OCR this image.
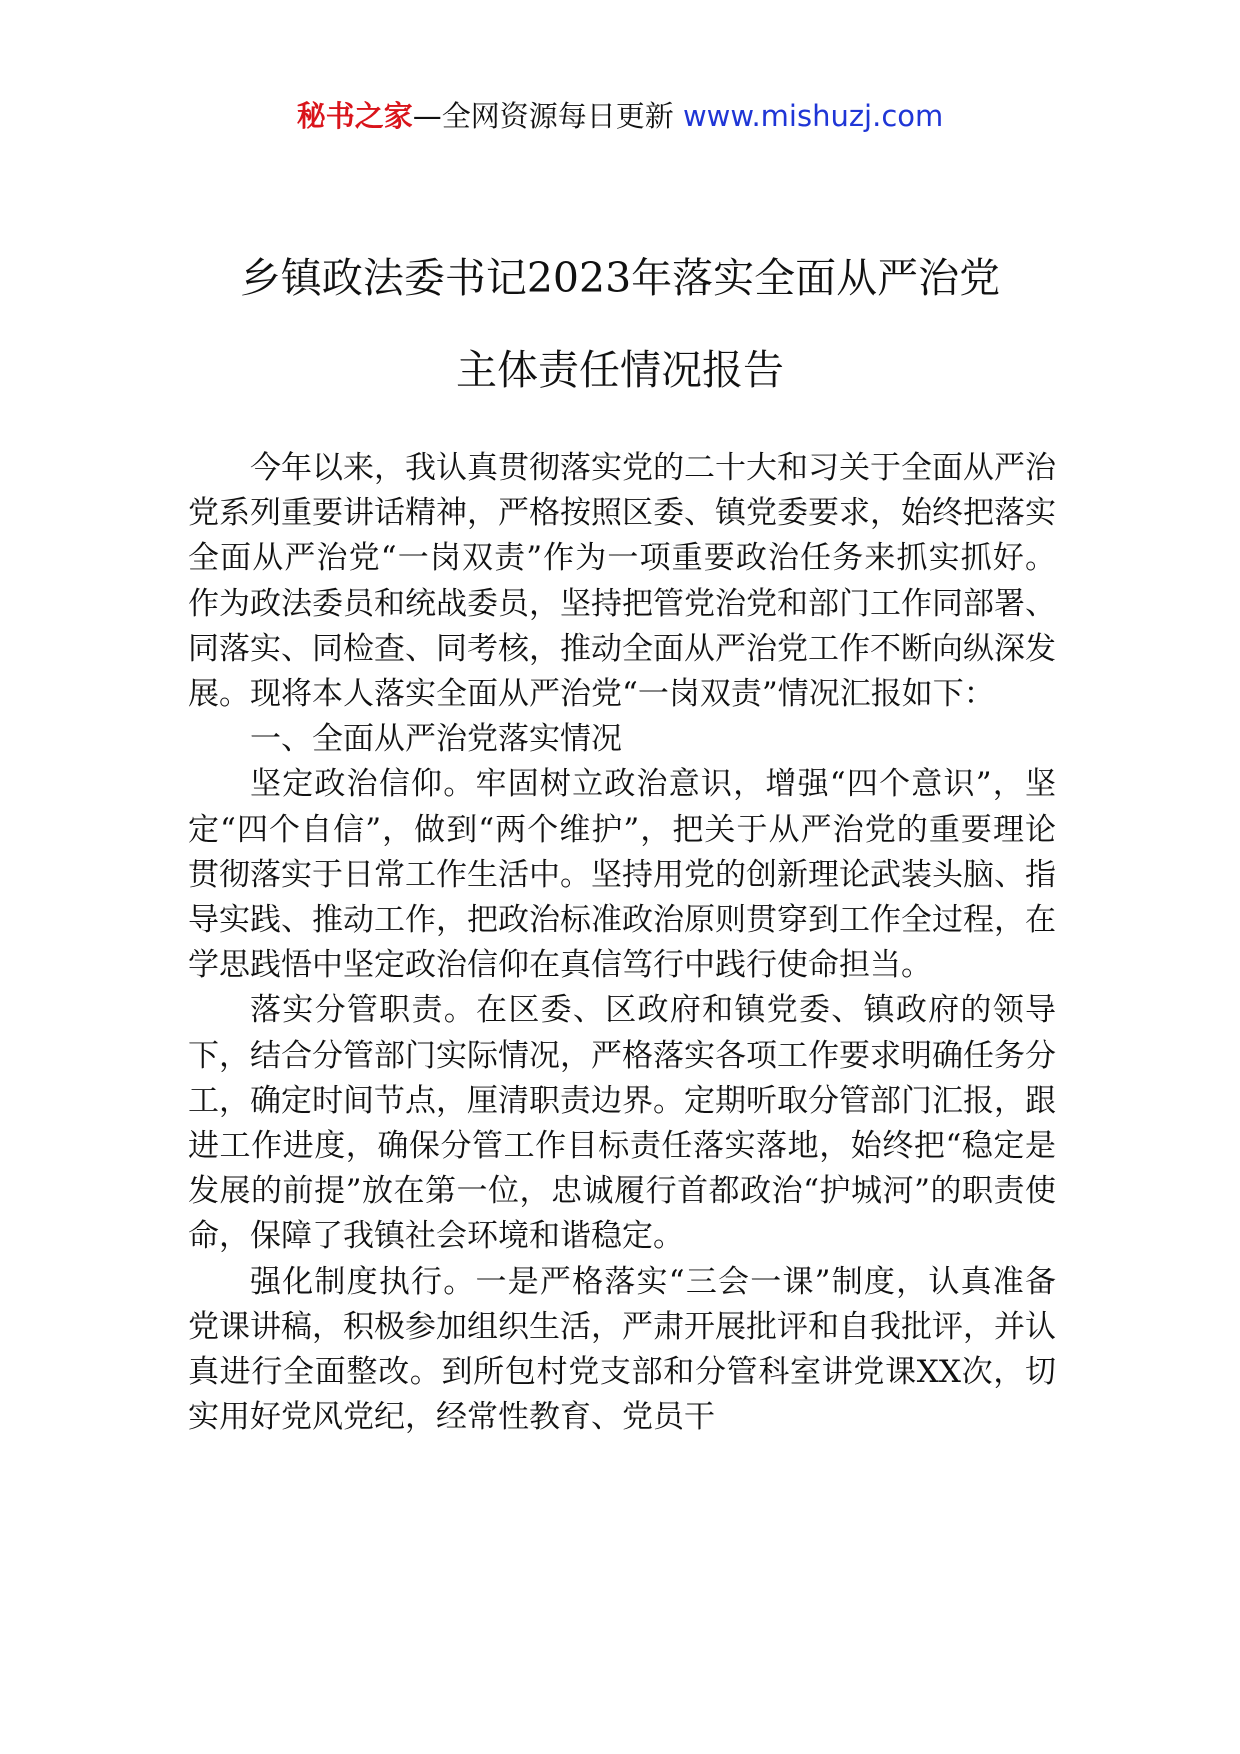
秘书之家—全网资源每日更新 www.mishuzj.com
乡镇政法委书记2023年落实全面从严治党
主体责任情况报告

今年以来，我认真贯彻落实党的二十大和习关于全面从严治党系列重要讲话精神，严格按照区委、镇党委要求，始终把落实全面从严治党“一岗双责”作为一项重要政治任务来抓实抓好。作为政法委员和统战委员，坚持把管党治党和部门工作同部署、同落实、同检查、同考核，推动全面从严治党工作不断向纵深发展。现将本人落实全面从严治党“一岗双责”情况汇报如下：

一、全面从严治党落实情况

坚定政治信仰。牢固树立政治意识，增强“四个意识”，坚定“四个自信”，做到“两个维护”，把关于从严治党的重要理论贯彻落实于日常工作生活中。坚持用党的创新理论武装头脑、指导实践、推动工作，把政治标准政治原则贯穿到工作全过程，在学思践悟中坚定政治信仰在真信笃行中践行使命担当。

落实分管职责。在区委、区政府和镇党委、镇政府的领导下，结合分管部门实际情况，严格落实各项工作要求明确任务分工，确定时间节点，厘清职责边界。定期听取分管部门汇报，跟进工作进度，确保分管工作目标责任落实落地，始终把“稳定是发展的前提”放在第一位，忠诚履行首都政治“护城河”的职责使命，保障了我镇社会环境和谐稳定。

强化制度执行。一是严格落实“三会一课”制度，认真准备党课讲稿，积极参加组织生活，严肃开展批评和自我批评，并认真进行全面整改。到所包村党支部和分管科室讲党课XX次，切实用好党风党纪，经常性教育、党员干
